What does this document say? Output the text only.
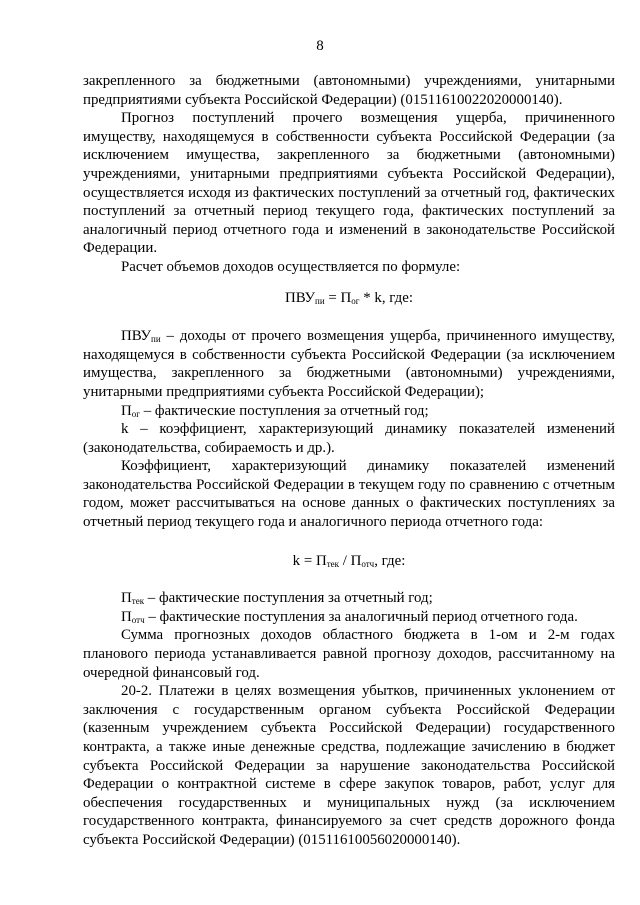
8

закрепленного за бюджетными (автономными) учреждениями, унитарными предприятиями субъекта Российской Федерации) (01511610022020000140).

Прогноз поступлений прочего возмещения ущерба, причиненного имуществу, находящемуся в собственности субъекта Российской Федерации (за исключением имущества, закрепленного за бюджетными (автономными) учреждениями, унитарными предприятиями субъекта Российской Федерации), осуществляется исходя из фактических поступлений за отчетный год, фактических поступлений за отчетный период текущего года, фактических поступлений за аналогичный период отчетного года и изменений в законодательстве Российской Федерации.

Расчет объемов доходов осуществляется по формуле:

$ПВУ_{пи} = П_{ог} * k$, где:

$ПВУ_{пи}$ – доходы от прочего возмещения ущерба, причиненного имуществу, находящемуся в собственности субъекта Российской Федерации (за исключением имущества, закрепленного за бюджетными (автономными) учреждениями, унитарными предприятиями субъекта Российской Федерации);

$П_{ог}$ – фактические поступления за отчетный год;

k – коэффициент, характеризующий динамику показателей изменений (законодательства, собираемость и др.).

Коэффициент, характеризующий динамику показателей изменений законодательства Российской Федерации в текущем году по сравнению с отчетным годом, может рассчитываться на основе данных о фактических поступлениях за отчетный период текущего года и аналогичного периода отчетного года:

$k = П_{тек} / П_{отч}$, где:

$П_{тек}$ – фактические поступления за отчетный год;

$П_{отч}$ – фактические поступления за аналогичный период отчетного года.

Сумма прогнозных доходов областного бюджета в 1-ом и 2-м годах планового периода устанавливается равной прогнозу доходов, рассчитанному на очередной финансовый год.

20-2. Платежи в целях возмещения убытков, причиненных уклонением от заключения с государственным органом субъекта Российской Федерации (казенным учреждением субъекта Российской Федерации) государственного контракта, а также иные денежные средства, подлежащие зачислению в бюджет субъекта Российской Федерации за нарушение законодательства Российской Федерации о контрактной системе в сфере закупок товаров, работ, услуг для обеспечения государственных и муниципальных нужд (за исключением государственного контракта, финансируемого за счет средств дорожного фонда субъекта Российской Федерации) (01511610056020000140).
